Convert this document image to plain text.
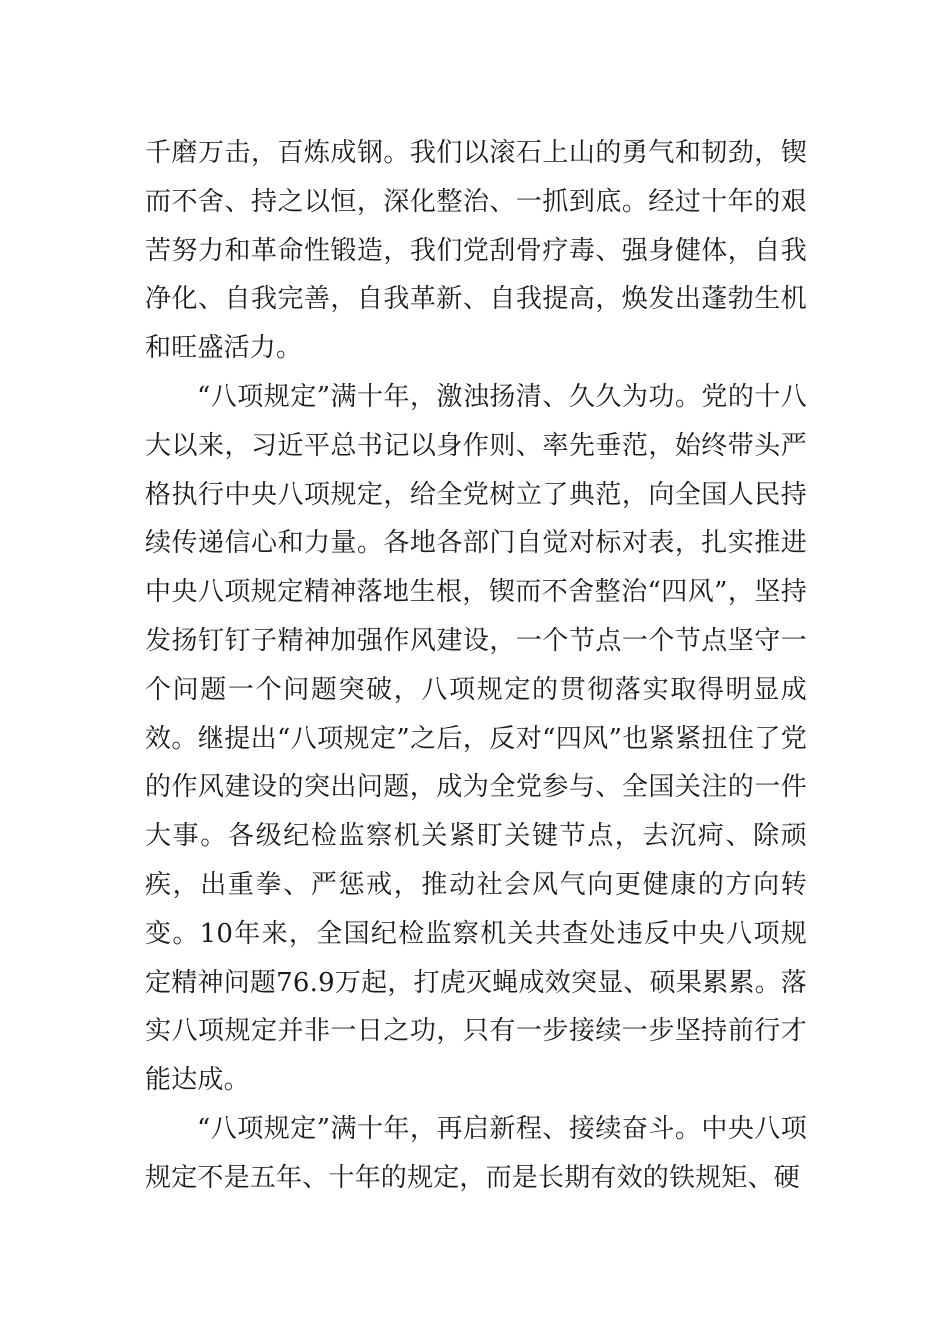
千磨万击，百炼成钢。我们以滚石上山的勇气和韧劲，锲而不舍、持之以恒，深化整治、一抓到底。经过十年的艰苦努力和革命性锻造，我们党刮骨疗毒、强身健体，自我净化、自我完善，自我革新、自我提高，焕发出蓬勃生机和旺盛活力。

“八项规定”满十年，激浊扬清、久久为功。党的十八大以来，习近平总书记以身作则、率先垂范，始终带头严格执行中央八项规定，给全党树立了典范，向全国人民持续传递信心和力量。各地各部门自觉对标对表，扎实推进中央八项规定精神落地生根，锲而不舍整治“四风”，坚持发扬钉钉子精神加强作风建设，一个节点一个节点坚守一个问题一个问题突破，八项规定的贯彻落实取得明显成效。继提出“八项规定”之后，反对“四风”也紧紧扭住了党的作风建设的突出问题，成为全党参与、全国关注的一件大事。各级纪检监察机关紧盯关键节点，去沉疴、除顽疾，出重拳、严惩戒，推动社会风气向更健康的方向转变。10年来，全国纪检监察机关共查处违反中央八项规定精神问题76.9万起，打虎灭蝇成效突显、硕果累累。落实八项规定并非一日之功，只有一步接续一步坚持前行才能达成。

“八项规定”满十年，再启新程、接续奋斗。中央八项规定不是五年、十年的规定，而是长期有效的铁规矩、硬
